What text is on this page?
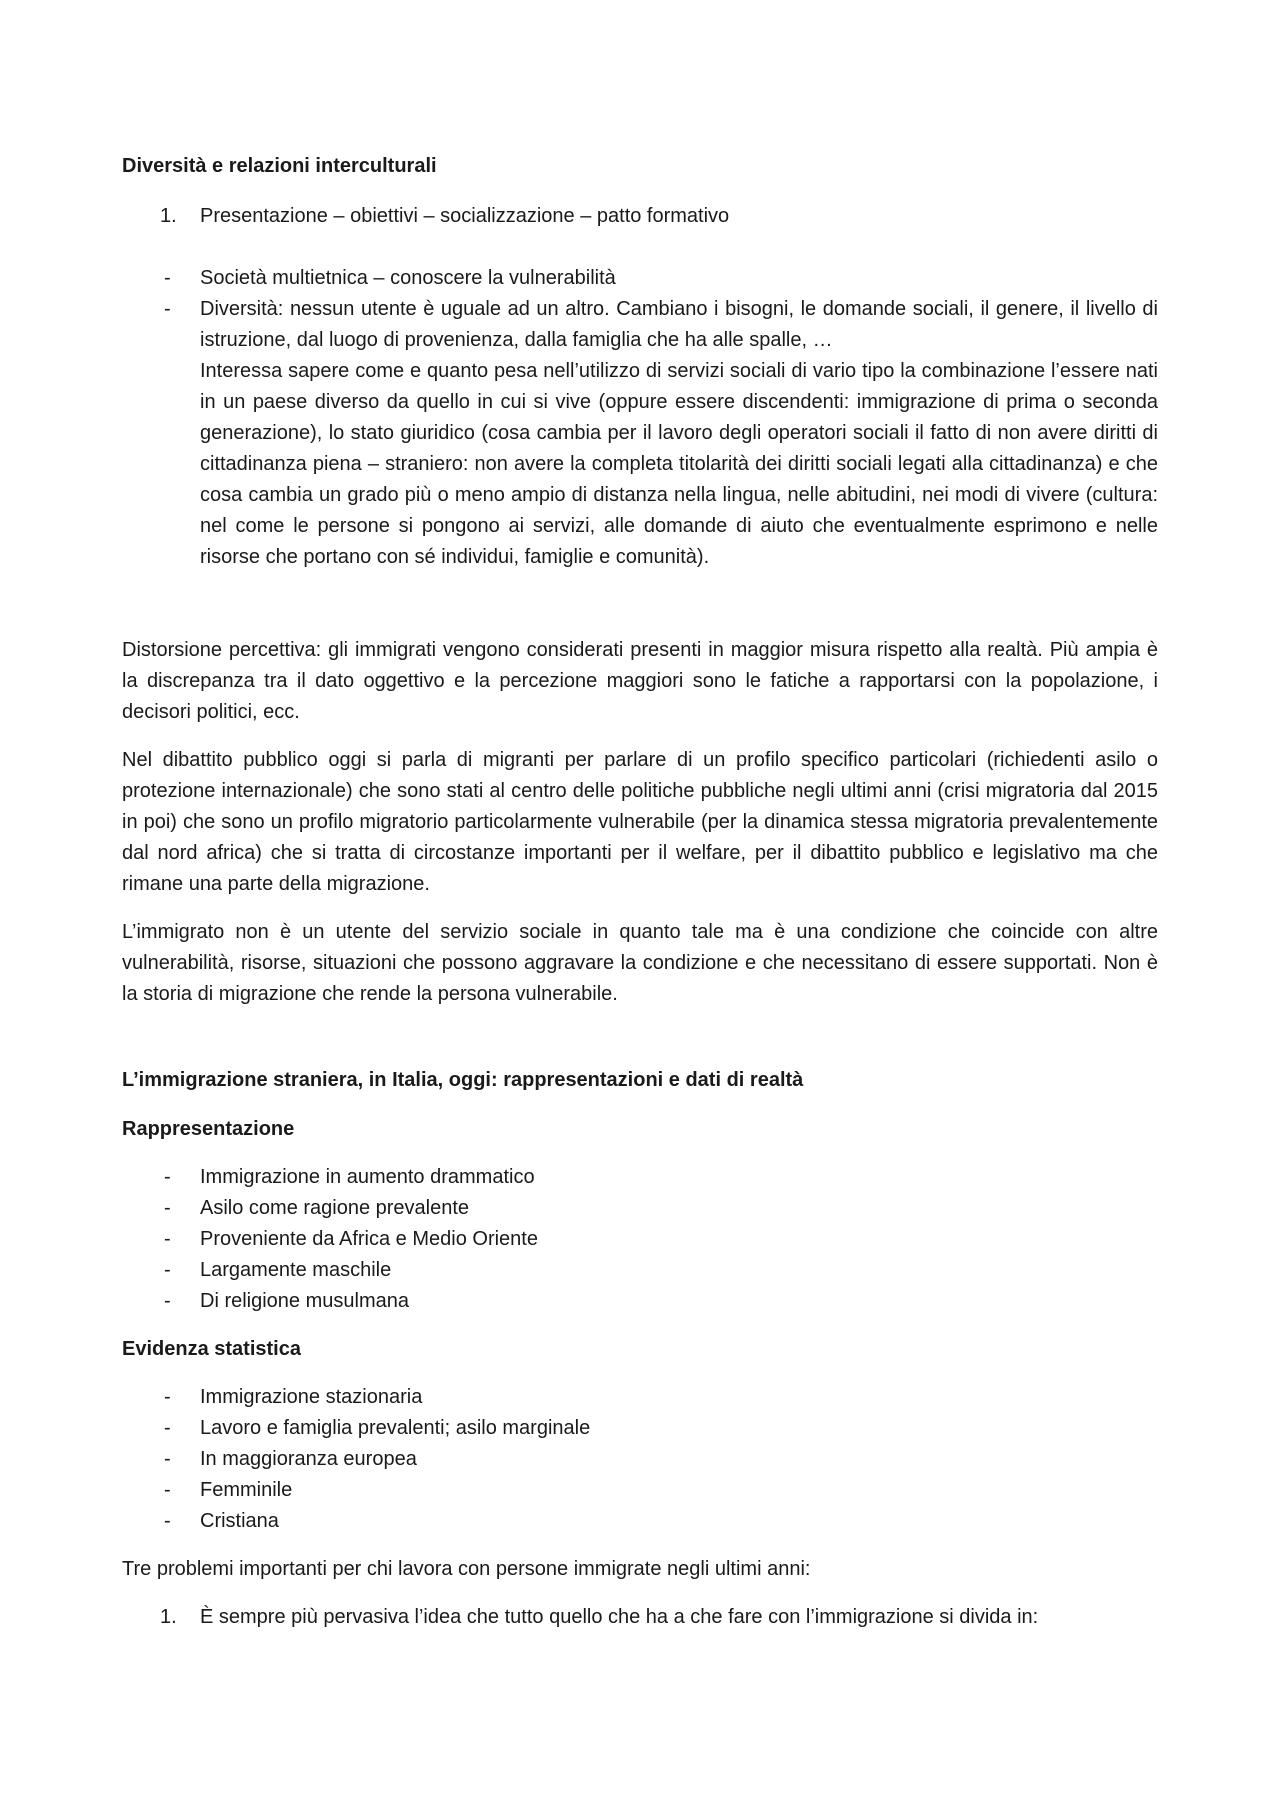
Diversità e relazioni interculturali
1. Presentazione – obiettivi – socializzazione – patto formativo
- Società multietnica – conoscere la vulnerabilità
- Diversità: nessun utente è uguale ad un altro. Cambiano i bisogni, le domande sociali, il genere, il livello di istruzione, dal luogo di provenienza, dalla famiglia che ha alle spalle, …

Interessa sapere come e quanto pesa nell’utilizzo di servizi sociali di vario tipo la combinazione l’essere nati in un paese diverso da quello in cui si vive (oppure essere discendenti: immigrazione di prima o seconda generazione), lo stato giuridico (cosa cambia per il lavoro degli operatori sociali il fatto di non avere diritti di cittadinanza piena – straniero: non avere la completa titolarità dei diritti sociali legati alla cittadinanza) e che cosa cambia un grado più o meno ampio di distanza nella lingua, nelle abitudini, nei modi di vivere (cultura: nel come le persone si pongono ai servizi, alle domande di aiuto che eventualmente esprimono e nelle risorse che portano con sé individui, famiglie e comunità).

Distorsione percettiva: gli immigrati vengono considerati presenti in maggior misura rispetto alla realtà. Più ampia è la discrepanza tra il dato oggettivo e la percezione maggiori sono le fatiche a rapportarsi con la popolazione, i decisori politici, ecc.

Nel dibattito pubblico oggi si parla di migranti per parlare di un profilo specifico particolari (richiedenti asilo o protezione internazionale) che sono stati al centro delle politiche pubbliche negli ultimi anni (crisi migratoria dal 2015 in poi) che sono un profilo migratorio particolarmente vulnerabile (per la dinamica stessa migratoria prevalentemente dal nord africa) che si tratta di circostanze importanti per il welfare, per il dibattito pubblico e legislativo ma che rimane una parte della migrazione.

L’immigrato non è un utente del servizio sociale in quanto tale ma è una condizione che coincide con altre vulnerabilità, risorse, situazioni che possono aggravare la condizione e che necessitano di essere supportati. Non è la storia di migrazione che rende la persona vulnerabile.

L’immigrazione straniera, in Italia, oggi: rappresentazioni e dati di realtà
Rappresentazione
- Immigrazione in aumento drammatico
- Asilo come ragione prevalente
- Proveniente da Africa e Medio Oriente
- Largamente maschile
- Di religione musulmana
Evidenza statistica
- Immigrazione stazionaria
- Lavoro e famiglia prevalenti; asilo marginale
- In maggioranza europea
- Femminile
- Cristiana

Tre problemi importanti per chi lavora con persone immigrate negli ultimi anni:

1. È sempre più pervasiva l’idea che tutto quello che ha a che fare con l’immigrazione si divida in:
